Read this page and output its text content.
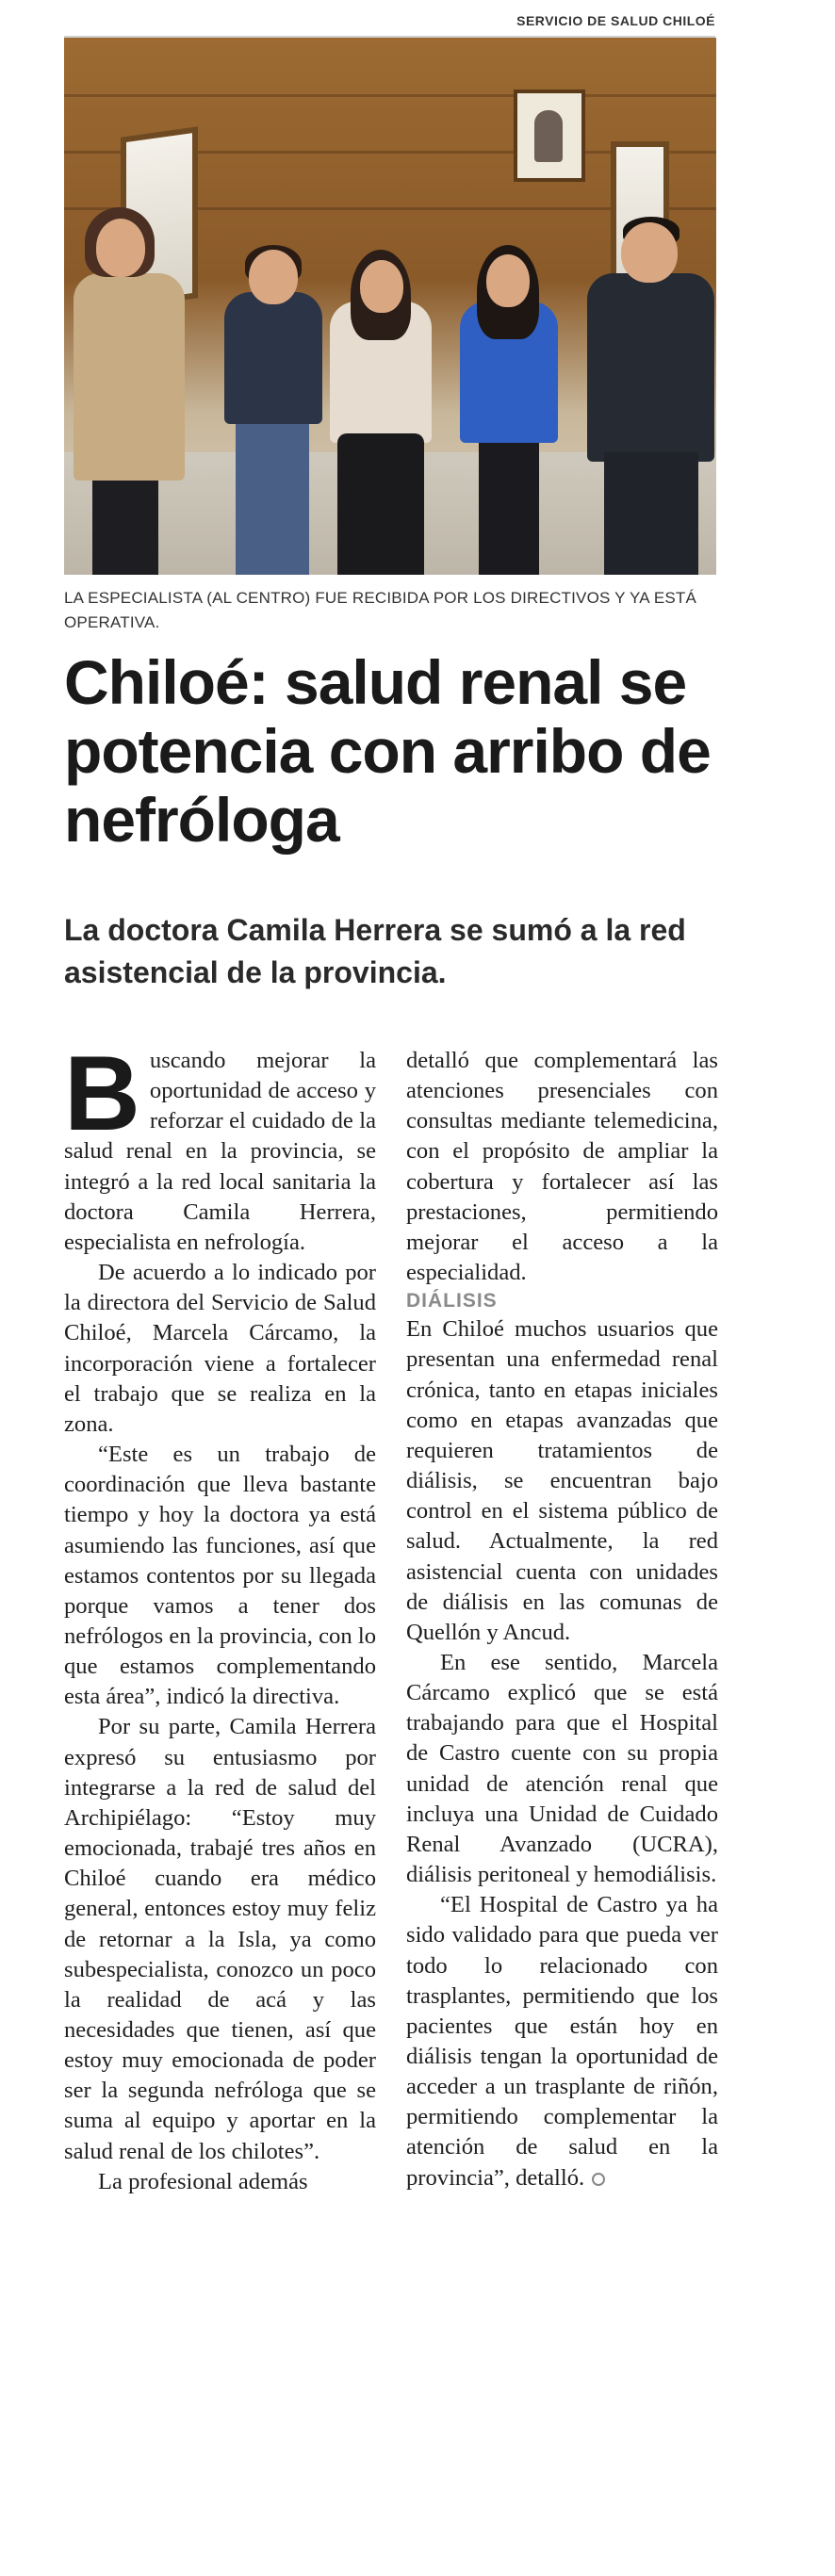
SERVICIO DE SALUD CHILOÉ
LA ESPECIALISTA (AL CENTRO) FUE RECIBIDA POR LOS DIRECTIVOS Y YA ESTÁ OPERATIVA.
Chiloé: salud renal se potencia con arribo de nefróloga
La doctora Camila Herrera se sumó a la red asistencial de la provincia.

Buscando mejorar la oportunidad de acceso y reforzar el cuidado de la salud renal en la provincia, se integró a la red local sanitaria la doctora Camila Herrera, especialista en nefrología.

De acuerdo a lo indicado por la directora del Servicio de Salud Chiloé, Marcela Cárcamo, la incorporación viene a fortalecer el trabajo que se realiza en la zona.

“Este es un trabajo de coordinación que lleva bastante tiempo y hoy la doctora ya está asumiendo las funciones, así que estamos contentos por su llegada porque vamos a tener dos nefrólogos en la provincia, con lo que estamos complementando esta área”, indicó la directiva.

Por su parte, Camila Herrera expresó su entusiasmo por integrarse a la red de salud del Archipiélago: “Estoy muy emocionada, trabajé tres años en Chiloé cuando era médico general, entonces estoy muy feliz de retornar a la Isla, ya como subespecialista, conozco un poco la realidad de acá y las necesidades que tienen, así que estoy muy emocionada de poder ser la segunda nefróloga que se suma al equipo y aportar en la salud renal de los chilotes”.

La profesional además

detalló que complementará las atenciones presenciales con consultas mediante telemedicina, con el propósito de ampliar la cobertura y fortalecer así las prestaciones, permitiendo mejorar el acceso a la especialidad.

DIÁLISIS

En Chiloé muchos usuarios que presentan una enfermedad renal crónica, tanto en etapas iniciales como en etapas avanzadas que requieren tratamientos de diálisis, se encuentran bajo control en el sistema público de salud. Actualmente, la red asistencial cuenta con unidades de diálisis en las comunas de Quellón y Ancud.

En ese sentido, Marcela Cárcamo explicó que se está trabajando para que el Hospital de Castro cuente con su propia unidad de atención renal que incluya una Unidad de Cuidado Renal Avanzado (UCRA), diálisis peritoneal y hemodiálisis.

“El Hospital de Castro ya ha sido validado para que pueda ver todo lo relacionado con trasplantes, permitiendo que los pacientes que están hoy en diálisis tengan la oportunidad de acceder a un trasplante de riñón, permitiendo complementar la atención de salud en la provincia”, detalló.
